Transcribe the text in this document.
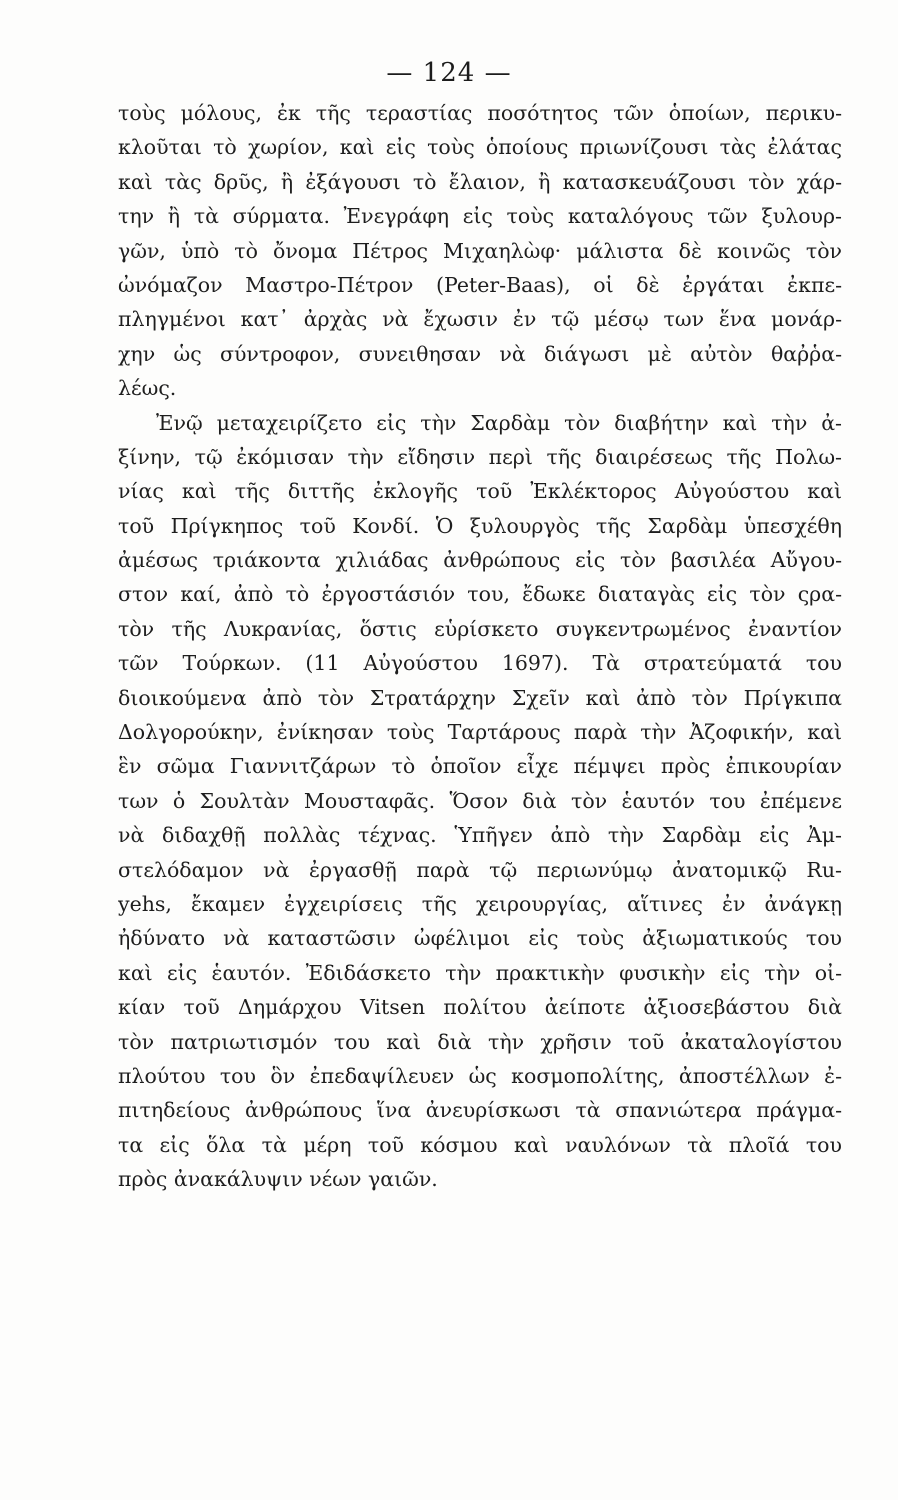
— 124 —
τοὺς μόλους, ἐκ τῆς τεραστίας ποσότητος τῶν ὁποίων, περικυ-
κλοῦται τὸ χωρίον, καὶ εἰς τοὺς ὁποίους πριωνίζουσι τὰς ἐλάτας
καὶ τὰς δρῦς, ἢ ἐξάγουσι τὸ ἔλαιον, ἢ κατασκευάζουσι τὸν χάρ-
την ἢ τὰ σύρματα. Ἐνεγράφη εἰς τοὺς καταλόγους τῶν ξυλουρ-
γῶν, ὑπὸ τὸ ὄνομα Πέτρος Μιχαηλὼφ· μάλιστα δὲ κοινῶς τὸν
ὠνόμαζον Μαστρο-Πέτρον (Peter-Baas), οἱ δὲ ἐργάται ἐκπε-
πληγμένοι κατ᾿ ἀρχὰς νὰ ἔχωσιν ἐν τῷ μέσῳ των ἕνα μονάρ-
χην ὡς σύντροφον, συνειθησαν νὰ διάγωσι μὲ αὐτὸν θαῤῥα-
λέως.
Ἐνῷ μεταχειρίζετο εἰς τὴν Σαρδὰμ τὸν διαβήτην καὶ τὴν ἀ-
ξίνην, τῷ ἐκόμισαν τὴν εἴδησιν περὶ τῆς διαιρέσεως τῆς Πολω-
νίας καὶ τῆς διττῆς ἐκλογῆς τοῦ Ἐκλέκτορος Αὐγούστου καὶ
τοῦ Πρίγκηπος τοῦ Κονδί. Ὁ ξυλουργὸς τῆς Σαρδὰμ ὑπεσχέθη
ἀμέσως τριάκοντα χιλιάδας ἀνθρώπους εἰς τὸν βασιλέα Αὔγου-
στον καί, ἀπὸ τὸ ἐργοστάσιόν του, ἔδωκε διαταγὰς εἰς τὸν ςρα-
τὸν τῆς Λυκρανίας, ὅστις εὑρίσκετο συγκεντρωμένος ἐναντίον
τῶν Τούρκων. (11 Αὐγούστου 1697). Τὰ στρατεύματά του
διοικούμενα ἀπὸ τὸν Στρατάρχην Σχεῖν καὶ ἀπὸ τὸν Πρίγκιπα
Δολγορούκην, ἐνίκησαν τοὺς Ταρτάρους παρὰ τὴν Ἀζοφικήν, καὶ
ἓν σῶμα Γιαννιτζάρων τὸ ὁποῖον εἶχε πέμψει πρὸς ἐπικουρίαν
των ὁ Σουλτὰν Μουσταφᾶς. Ὅσον διὰ τὸν ἑαυτόν του ἐπέμενε
νὰ διδαχθῇ πολλὰς τέχνας. Ὑπῆγεν ἀπὸ τὴν Σαρδὰμ εἰς Ἀμ-
στελόδαμον νὰ ἐργασθῇ παρὰ τῷ περιωνύμῳ ἀνατομικῷ Ru-
yehs, ἔκαμεν ἐγχειρίσεις τῆς χειρουργίας, αἵτινες ἐν ἀνάγκῃ
ἠδύνατο νὰ καταστῶσιν ὠφέλιμοι εἰς τοὺς ἀξιωματικούς του
καὶ εἰς ἑαυτόν. Ἐδιδάσκετο τὴν πρακτικὴν φυσικὴν εἰς τὴν οἰ-
κίαν τοῦ Δημάρχου Vitsen πολίτου ἀείποτε ἀξιοσεβάστου διὰ
τὸν πατριωτισμόν του καὶ διὰ τὴν χρῆσιν τοῦ ἀκαταλογίστου
πλούτου του ὃν ἐπεδαψίλευεν ὡς κοσμοπολίτης, ἀποστέλλων ἐ-
πιτηδείους ἀνθρώπους ἵνα ἀνευρίσκωσι τὰ σπανιώτερα πράγμα-
τα εἰς ὅλα τὰ μέρη τοῦ κόσμου καὶ ναυλόνων τὰ πλοῖά του
πρὸς ἀνακάλυψιν νέων γαιῶν.
